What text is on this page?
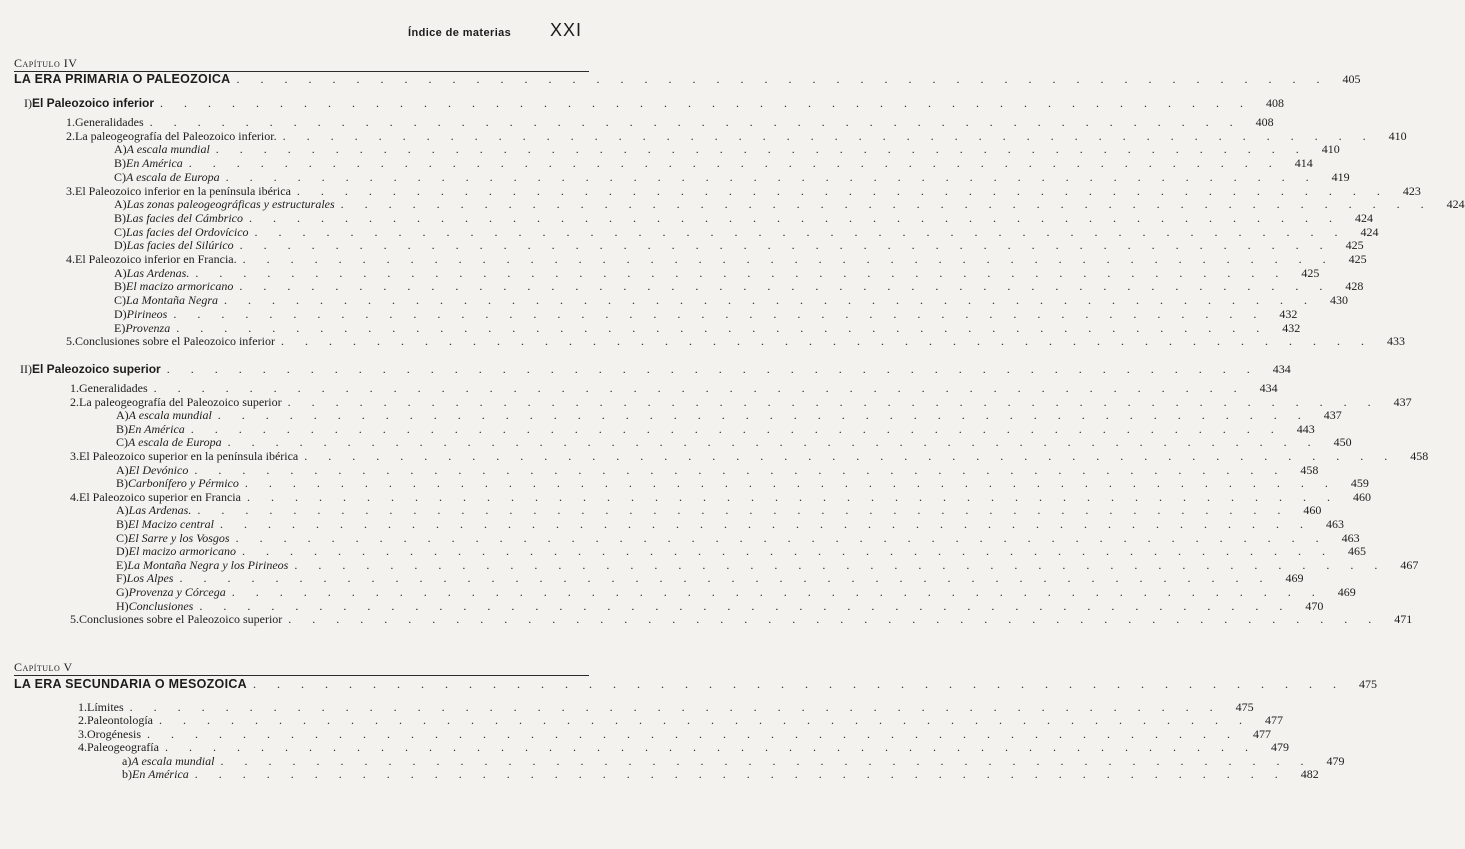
Índice de materias XXI
Capítulo IV
LA ERA PRIMARIA O PALEOZOICA . . . . . . . . . . . . . . . . . . . . . . . . . . . . . . . . . . . . . . . . . . . . . .	405
I) El Paleozoico inferior . . . . . . . . . . . . . . . . . . . . . . . . . . . . . . . . . . . . . . . . . . . . . .	408
1. Generalidades . . . . . . . . . . . . . . . . . . . . . . . . . . . . . . . . . . . . . . . . . . . . . .	408
2. La paleogeografía del Paleozoico inferior. . . . . . . . . . . . . . . . . . . . . . . . . . . . . . . . . . . . . . . . . . . . . . .	410
A) A escala mundial . . . . . . . . . . . . . . . . . . . . . . . . . . . . . . . . . . . . . . . . . . . . . .	410
B) En América . . . . . . . . . . . . . . . . . . . . . . . . . . . . . . . . . . . . . . . . . . . . . .	414
C) A escala de Europa . . . . . . . . . . . . . . . . . . . . . . . . . . . . . . . . . . . . . . . . . . . . . .	419
3. El Paleozoico inferior en la península ibérica . . . . . . . . . . . . . . . . . . . . . . . . . . . . . . . . . . . . . . . . . . . . . .	423
A) Las zonas paleogeográficas y estructurales . . . . . . . . . . . . . . . . . . . . . . . . . . . . . . . . . . . . . . . . . . . . . .	424
B) Las facies del Cámbrico . . . . . . . . . . . . . . . . . . . . . . . . . . . . . . . . . . . . . . . . . . . . . .	424
C) Las facies del Ordovícico . . . . . . . . . . . . . . . . . . . . . . . . . . . . . . . . . . . . . . . . . . . . . .	424
D) Las facies del Silúrico . . . . . . . . . . . . . . . . . . . . . . . . . . . . . . . . . . . . . . . . . . . . . .	425
4. El Paleozoico inferior en Francia. . . . . . . . . . . . . . . . . . . . . . . . . . . . . . . . . . . . . . . . . . . . . . .	425
A) Las Ardenas. . . . . . . . . . . . . . . . . . . . . . . . . . . . . . . . . . . . . . . . . . . . . . .	425
B) El macizo armoricano . . . . . . . . . . . . . . . . . . . . . . . . . . . . . . . . . . . . . . . . . . . . . .	428
C) La Montaña Negra . . . . . . . . . . . . . . . . . . . . . . . . . . . . . . . . . . . . . . . . . . . . . .	430
D) Pirineos . . . . . . . . . . . . . . . . . . . . . . . . . . . . . . . . . . . . . . . . . . . . . .	432
E) Provenza . . . . . . . . . . . . . . . . . . . . . . . . . . . . . . . . . . . . . . . . . . . . . .	432
5. Conclusiones sobre el Paleozoico inferior . . . . . . . . . . . . . . . . . . . . . . . . . . . . . . . . . . . . . . . . . . . . . .	433
II) El Paleozoico superior . . . . . . . . . . . . . . . . . . . . . . . . . . . . . . . . . . . . . . . . . . . . . .	434
1. Generalidades . . . . . . . . . . . . . . . . . . . . . . . . . . . . . . . . . . . . . . . . . . . . . .	434
2. La paleogeografía del Paleozoico superior . . . . . . . . . . . . . . . . . . . . . . . . . . . . . . . . . . . . . . . . . . . . . .	437
A) A escala mundial . . . . . . . . . . . . . . . . . . . . . . . . . . . . . . . . . . . . . . . . . . . . . .	437
B) En América . . . . . . . . . . . . . . . . . . . . . . . . . . . . . . . . . . . . . . . . . . . . . .	443
C) A escala de Europa . . . . . . . . . . . . . . . . . . . . . . . . . . . . . . . . . . . . . . . . . . . . . .	450
3. El Paleozoico superior en la península ibérica . . . . . . . . . . . . . . . . . . . . . . . . . . . . . . . . . . . . . . . . . . . . . .	458
A) El Devónico . . . . . . . . . . . . . . . . . . . . . . . . . . . . . . . . . . . . . . . . . . . . . .	458
B) Carbonífero y Pérmico . . . . . . . . . . . . . . . . . . . . . . . . . . . . . . . . . . . . . . . . . . . . . .	459
4. El Paleozoico superior en Francia . . . . . . . . . . . . . . . . . . . . . . . . . . . . . . . . . . . . . . . . . . . . . .	460
A) Las Ardenas. . . . . . . . . . . . . . . . . . . . . . . . . . . . . . . . . . . . . . . . . . . . . . .	460
B) El Macizo central . . . . . . . . . . . . . . . . . . . . . . . . . . . . . . . . . . . . . . . . . . . . . .	463
C) El Sarre y los Vosgos . . . . . . . . . . . . . . . . . . . . . . . . . . . . . . . . . . . . . . . . . . . . . .	463
D) El macizo armoricano . . . . . . . . . . . . . . . . . . . . . . . . . . . . . . . . . . . . . . . . . . . . . .	465
E) La Montaña Negra y los Pirineos . . . . . . . . . . . . . . . . . . . . . . . . . . . . . . . . . . . . . . . . . . . . . .	467
F) Los Alpes . . . . . . . . . . . . . . . . . . . . . . . . . . . . . . . . . . . . . . . . . . . . . .	469
G) Provenza y Córcega . . . . . . . . . . . . . . . . . . . . . . . . . . . . . . . . . . . . . . . . . . . . . .	469
H) Conclusiones . . . . . . . . . . . . . . . . . . . . . . . . . . . . . . . . . . . . . . . . . . . . . .	470
5. Conclusiones sobre el Paleozoico superior . . . . . . . . . . . . . . . . . . . . . . . . . . . . . . . . . . . . . . . . . . . . . .	471
Capítulo V
LA ERA SECUNDARIA O MESOZOICA . . . . . . . . . . . . . . . . . . . . . . . . . . . . . . . . . . . . . . . . . . . . . .	475
1. Límites . . . . . . . . . . . . . . . . . . . . . . . . . . . . . . . . . . . . . . . . . . . . . .	475
2. Paleontología . . . . . . . . . . . . . . . . . . . . . . . . . . . . . . . . . . . . . . . . . . . . . .	477
3. Orogénesis . . . . . . . . . . . . . . . . . . . . . . . . . . . . . . . . . . . . . . . . . . . . . .	477
4. Paleogeografía . . . . . . . . . . . . . . . . . . . . . . . . . . . . . . . . . . . . . . . . . . . . . .	479
a) A escala mundial . . . . . . . . . . . . . . . . . . . . . . . . . . . . . . . . . . . . . . . . . . . . . .	479
b) En América . . . . . . . . . . . . . . . . . . . . . . . . . . . . . . . . . . . . . . . . . . . . . .	482
